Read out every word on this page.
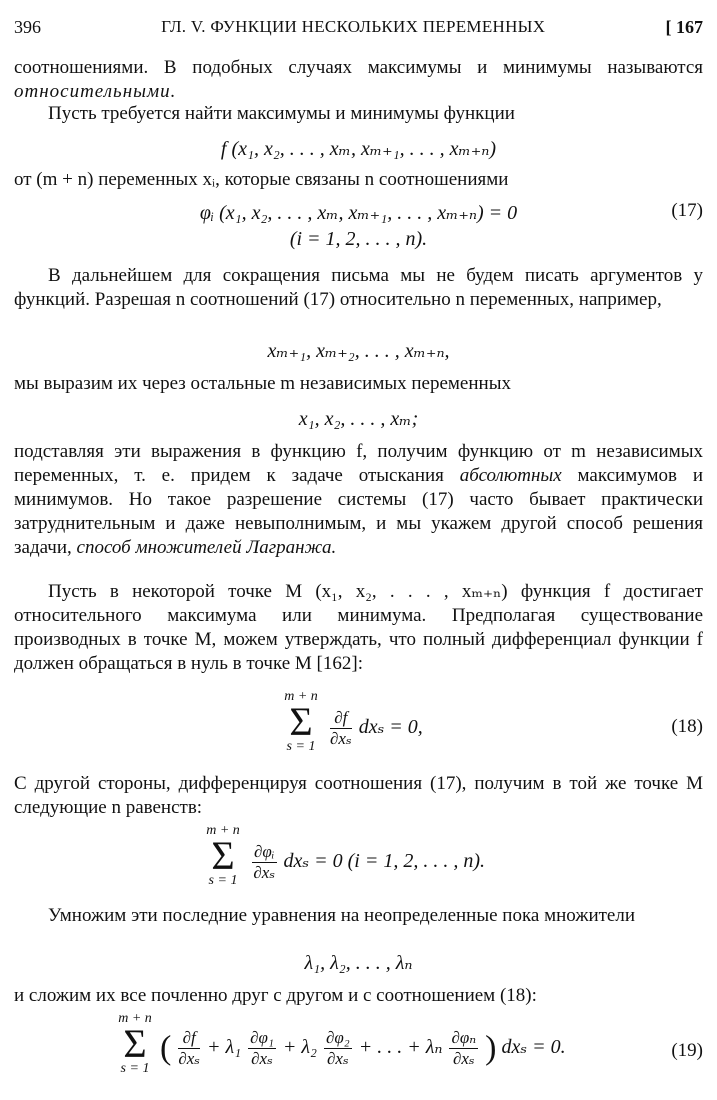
396	ГЛ. V. ФУНКЦИИ НЕСКОЛЬКИХ ПЕРЕМЕННЫХ	[ 167
соотношениями. В подобных случаях максимумы и минимумы называются относительными.
Пусть требуется найти максимумы и минимумы функции
f (x₁, x₂, . . . , xₘ, xₘ₊₁, . . . , xₘ₊ₙ)
от (m + n) переменных xᵢ, которые связаны n соотношениями
φᵢ (x₁, x₂, . . . , xₘ, xₘ₊₁, . . . , xₘ₊ₙ) = 0
(i = 1, 2, . . . , n).
(17)
В дальнейшем для сокращения письма мы не будем писать аргументов у функций. Разрешая n соотношений (17) относительно n переменных, например,
xₘ₊₁, xₘ₊₂, . . . , xₘ₊ₙ,
мы выразим их через остальные m независимых переменных
x₁, x₂, . . . , xₘ;
подставляя эти выражения в функцию f, получим функцию от m независимых переменных, т. е. придем к задаче отыскания абсолютных максимумов и минимумов. Но такое разрешение системы (17) часто бывает практически затруднительным и даже невыполнимым, и мы укажем другой способ решения задачи, способ множителей Лагранжа.
Пусть в некоторой точке M (x₁, x₂, . . . , xₘ₊ₙ) функция f достигает относительного максимума или минимума. Предполагая существование производных в точке M, можем утверждать, что полный дифференциал функции f должен обращаться в нуль в точке M [162]:
m + n
Σ
$s = 1 \frac{\partial f}{\text{∂xₛ}}$ dxₛ = 0,	(18)
С другой стороны, дифференцируя соотношения (17), получим в той же точке M следующие n равенств:
m + n
Σ
$s = 1 \frac{\text{∂φᵢ}}{\text{∂xₛ}}$ dxₛ = 0 (i = 1, 2, . . . , n).
Умножим эти последние уравнения на неопределенные пока множители
λ₁, λ₂, . . . , λₙ
и сложим их все почленно друг с другом и с соотношением (18):
m + n
Σ
s = 1
( $\frac{\partial f}{\text{∂xₛ}} + \lambda_1 \frac{\text{∂φ₁}}{\text{∂xₛ}} + \lambda_2 \frac{\text{∂φ₂}}{\text{∂xₛ}}$ + . . . + λₙ $\frac{\text{∂φₙ}}{\text{∂xₛ}}$ ) dxₛ = 0.	(19)
